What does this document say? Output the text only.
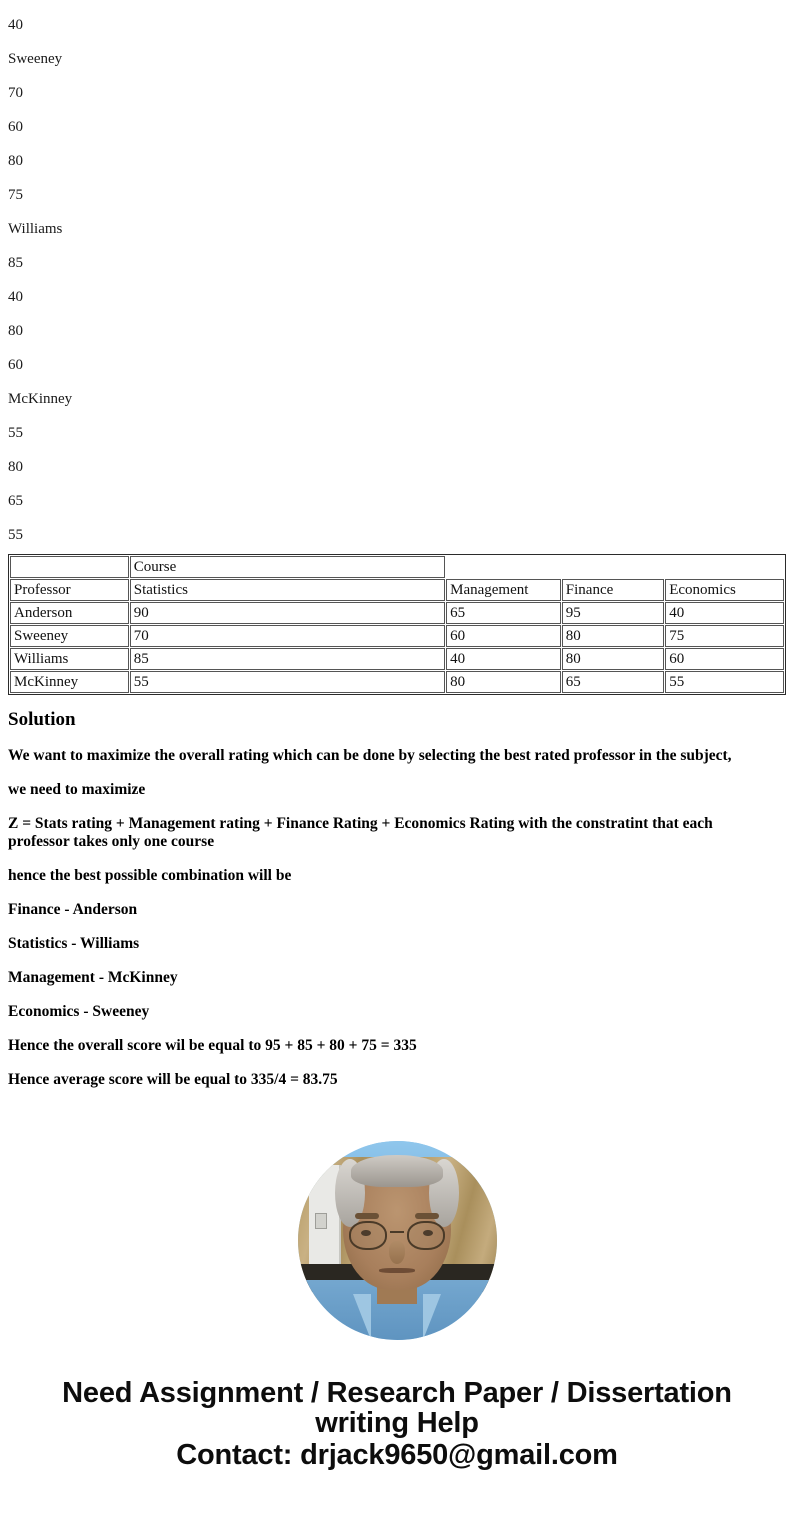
40
Sweeney
70
60
80
75
Williams
85
40
80
60
McKinney
55
80
65
55
	Course			
Professor	Statistics	Management	Finance	Economics
Anderson	90	65	95	40
Sweeney	70	60	80	75
Williams	85	40	80	60
McKinney	55	80	65	55
Solution

We want to maximize the overall rating which can be done by selecting the best rated professor in the subject,

we need to maximize

Z = Stats rating + Management rating + Finance Rating + Economics Rating with the constratint that each professor takes only one course

hence the best possible combination will be

Finance - Anderson

Statistics - Williams

Management - McKinney

Economics - Sweeney

Hence the overall score wil be equal to 95 + 85 + 80 + 75 = 335

Hence average score will be equal to 335/4 = 83.75

Need Assignment / Research Paper / Dissertation
writing Help
Contact: drjack9650@gmail.com
